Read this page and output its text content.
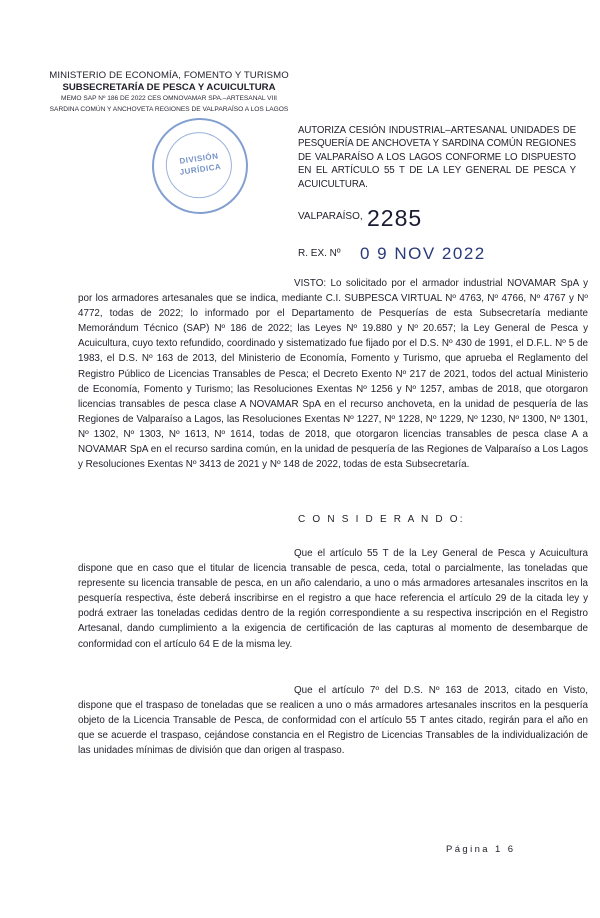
MINISTERIO DE ECONOMÍA, FOMENTO Y TURISMO
SUBSECRETARÍA DE PESCA Y ACUICULTURA
MEMO SAP Nº 186 DE 2022 CES OMNOVAMAR SPA.–ARTESANAL VIII
SARDINA COMÚN Y ANCHOVETA REGIONES DE VALPARAÍSO A LOS LAGOS
DIVISIÓN
JURÍDICA
AUTORIZA CESIÓN INDUSTRIAL–ARTESANAL UNIDADES DE PESQUERÍA DE ANCHOVETA Y SARDINA COMÚN REGIONES DE VALPARAÍSO A LOS LAGOS CONFORME LO DISPUESTO EN EL ARTÍCULO 55 T DE LA LEY GENERAL DE PESCA Y ACUICULTURA.
VALPARAÍSO, 2285
R. EX. Nº 0 9 NOV 2022
VISTO: Lo solicitado por el armador industrial NOVAMAR SpA y por los armadores artesanales que se indica, mediante C.I. SUBPESCA VIRTUAL Nº 4763, Nº 4766, Nº 4767 y Nº 4772, todas de 2022; lo informado por el Departamento de Pesquerías de esta Subsecretaría mediante Memorándum Técnico (SAP) Nº 186 de 2022; las Leyes Nº 19.880 y Nº 20.657; la Ley General de Pesca y Acuicultura, cuyo texto refundido, coordinado y sistematizado fue fijado por el D.S. Nº 430 de 1991, el D.F.L. Nº 5 de 1983, el D.S. Nº 163 de 2013, del Ministerio de Economía, Fomento y Turismo, que aprueba el Reglamento del Registro Público de Licencias Transables de Pesca; el Decreto Exento Nº 217 de 2021, todos del actual Ministerio de Economía, Fomento y Turismo; las Resoluciones Exentas Nº 1256 y Nº 1257, ambas de 2018, que otorgaron licencias transables de pesca clase A NOVAMAR SpA en el recurso anchoveta, en la unidad de pesquería de las Regiones de Valparaíso a Lagos, las Resoluciones Exentas Nº 1227, Nº 1228, Nº 1229, Nº 1230, Nº 1300, Nº 1301, Nº 1302, Nº 1303, Nº 1613, Nº 1614, todas de 2018, que otorgaron licencias transables de pesca clase A a NOVAMAR SpA en el recurso sardina común, en la unidad de pesquería de las Regiones de Valparaíso a Los Lagos y Resoluciones Exentas Nº 3413 de 2021 y Nº 148 de 2022, todas de esta Subsecretaría.
C O N S I D E R A N D O:
Que el artículo 55 T de la Ley General de Pesca y Acuicultura dispone que en caso que el titular de licencia transable de pesca, ceda, total o parcialmente, las toneladas que represente su licencia transable de pesca, en un año calendario, a uno o más armadores artesanales inscritos en la pesquería respectiva, éste deberá inscribirse en el registro a que hace referencia el artículo 29 de la citada ley y podrá extraer las toneladas cedidas dentro de la región correspondiente a su respectiva inscripción en el Registro Artesanal, dando cumplimiento a la exigencia de certificación de las capturas al momento de desembarque de conformidad con el artículo 64 E de la misma ley.
Que el artículo 7º del D.S. Nº 163 de 2013, citado en Visto, dispone que el traspaso de toneladas que se realicen a uno o más armadores artesanales inscritos en la pesquería objeto de la Licencia Transable de Pesca, de conformidad con el artículo 55 T antes citado, regirán para el año en que se acuerde el traspaso, cejándose constancia en el Registro de Licencias Transables de la individualización de las unidades mínimas de división que dan origen al traspaso.
Página 1 6
